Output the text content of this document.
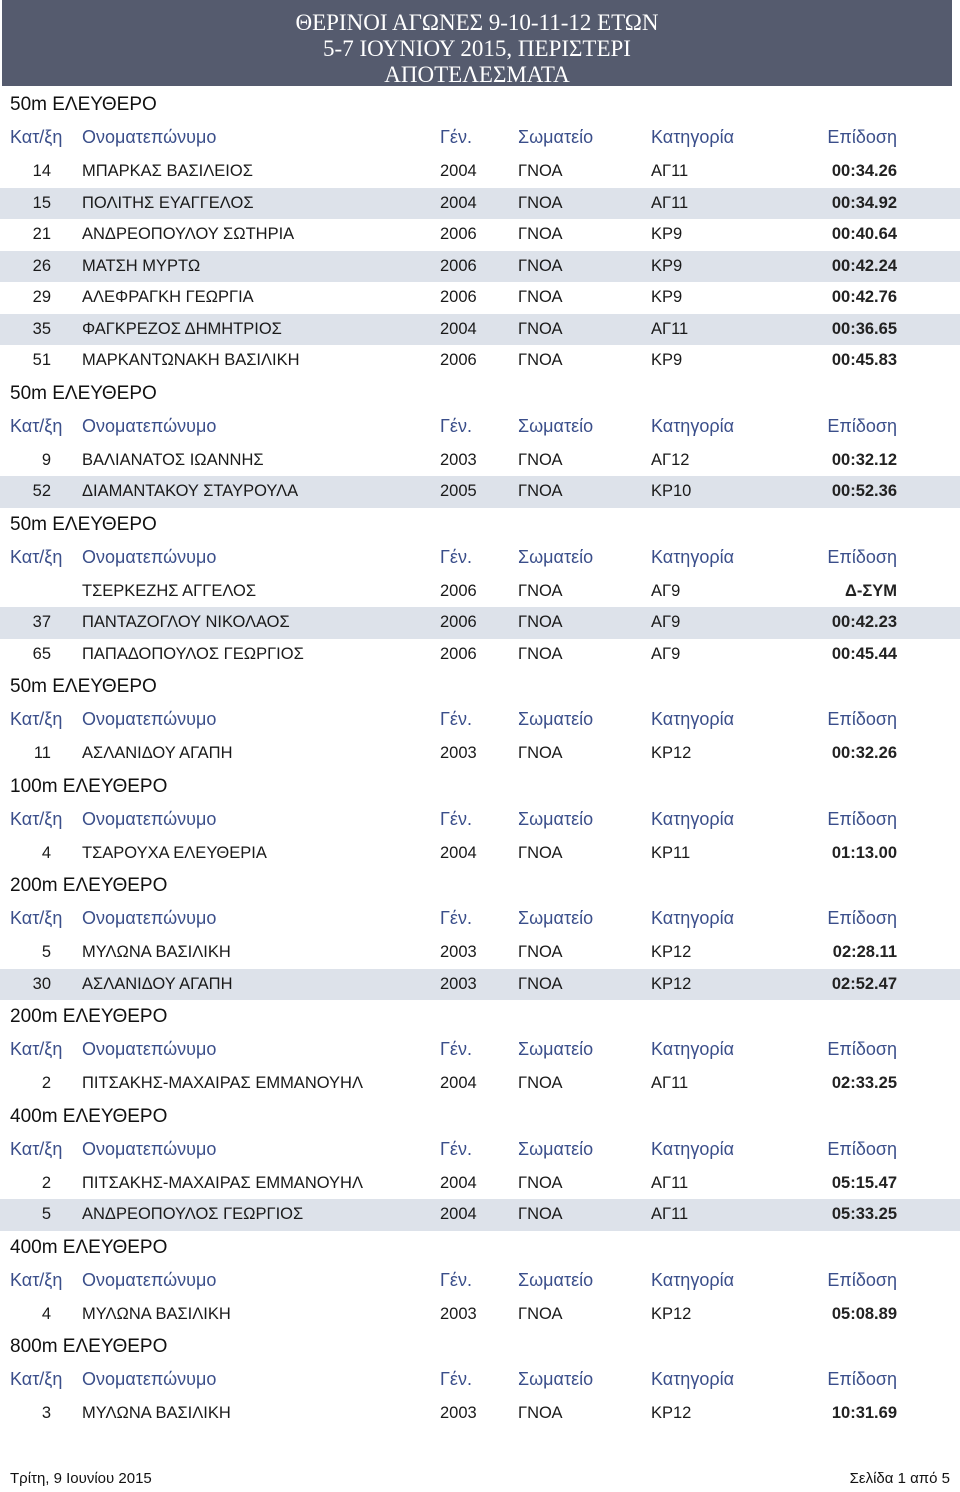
ΘΕΡΙΝΟΙ ΑΓΩΝΕΣ 9-10-11-12 ΕΤΩΝ
5-7 ΙΟΥΝΙΟΥ 2015, ΠΕΡΙΣΤΕΡΙ
ΑΠΟΤΕΛΕΣΜΑΤΑ
50m ΕΛΕΥΘΕΡΟ
Κατ/ξη	Ονοματεπώνυμο	Γέν.	Σωματείο	Κατηγορία	Επίδοση
14 ΜΠΑΡΚΑΣ ΒΑΣΙΛΕΙΟΣ	2004	ΓΝΟΑ	ΑΓ11	00:34.26
15 ΠΟΛΙΤΗΣ ΕΥΑΓΓΕΛΟΣ	2004	ΓΝΟΑ	ΑΓ11	00:34.92
21 ΑΝΔΡΕΟΠΟΥΛΟΥ ΣΩΤΗΡΙΑ	2006	ΓΝΟΑ	ΚΡ9	00:40.64
26 ΜΑΤΣΗ ΜΥΡΤΩ	2006	ΓΝΟΑ	ΚΡ9	00:42.24
29 ΑΛΕΦΡΑΓΚΗ ΓΕΩΡΓΙΑ	2006	ΓΝΟΑ	ΚΡ9	00:42.76
35 ΦΑΓΚΡΕΖΟΣ ΔΗΜΗΤΡΙΟΣ	2004	ΓΝΟΑ	ΑΓ11	00:36.65
51 ΜΑΡΚΑΝΤΩΝΑΚΗ ΒΑΣΙΛΙΚΗ	2006	ΓΝΟΑ	ΚΡ9	00:45.83
50m ΕΛΕΥΘΕΡΟ
Κατ/ξη	Ονοματεπώνυμο	Γέν.	Σωματείο	Κατηγορία	Επίδοση
9 ΒΑΛΙΑΝΑΤΟΣ ΙΩΑΝΝΗΣ	2003	ΓΝΟΑ	ΑΓ12	00:32.12
52 ΔΙΑΜΑΝΤΑΚΟΥ ΣΤΑΥΡΟΥΛΑ	2005	ΓΝΟΑ	ΚΡ10	00:52.36
50m ΕΛΕΥΘΕΡΟ
Κατ/ξη	Ονοματεπώνυμο	Γέν.	Σωματείο	Κατηγορία	Επίδοση
ΤΣΕΡΚΕΖΗΣ ΑΓΓΕΛΟΣ	2006	ΓΝΟΑ	ΑΓ9	Δ-ΣΥΜ
37 ΠΑΝΤΑΖΟΓΛΟΥ ΝΙΚΟΛΑΟΣ	2006	ΓΝΟΑ	ΑΓ9	00:42.23
65 ΠΑΠΑΔΟΠΟΥΛΟΣ ΓΕΩΡΓΙΟΣ	2006	ΓΝΟΑ	ΑΓ9	00:45.44
50m ΕΛΕΥΘΕΡΟ
Κατ/ξη	Ονοματεπώνυμο	Γέν.	Σωματείο	Κατηγορία	Επίδοση
11 ΑΣΛΑΝΙΔΟΥ ΑΓΑΠΗ	2003	ΓΝΟΑ	ΚΡ12	00:32.26
100m ΕΛΕΥΘΕΡΟ
Κατ/ξη	Ονοματεπώνυμο	Γέν.	Σωματείο	Κατηγορία	Επίδοση
4 ΤΣΑΡΟΥΧΑ ΕΛΕΥΘΕΡΙΑ	2004	ΓΝΟΑ	ΚΡ11	01:13.00
200m ΕΛΕΥΘΕΡΟ
Κατ/ξη	Ονοματεπώνυμο	Γέν.	Σωματείο	Κατηγορία	Επίδοση
5 ΜΥΛΩΝΑ ΒΑΣΙΛΙΚΗ	2003	ΓΝΟΑ	ΚΡ12	02:28.11
30 ΑΣΛΑΝΙΔΟΥ ΑΓΑΠΗ	2003	ΓΝΟΑ	ΚΡ12	02:52.47
200m ΕΛΕΥΘΕΡΟ
Κατ/ξη	Ονοματεπώνυμο	Γέν.	Σωματείο	Κατηγορία	Επίδοση
2 ΠΙΤΣΑΚΗΣ-ΜΑΧΑΙΡΑΣ ΕΜΜΑΝΟΥΗΛ	2004	ΓΝΟΑ	ΑΓ11	02:33.25
400m ΕΛΕΥΘΕΡΟ
Κατ/ξη	Ονοματεπώνυμο	Γέν.	Σωματείο	Κατηγορία	Επίδοση
2 ΠΙΤΣΑΚΗΣ-ΜΑΧΑΙΡΑΣ ΕΜΜΑΝΟΥΗΛ	2004	ΓΝΟΑ	ΑΓ11	05:15.47
5 ΑΝΔΡΕΟΠΟΥΛΟΣ ΓΕΩΡΓΙΟΣ	2004	ΓΝΟΑ	ΑΓ11	05:33.25
400m ΕΛΕΥΘΕΡΟ
Κατ/ξη	Ονοματεπώνυμο	Γέν.	Σωματείο	Κατηγορία	Επίδοση
4 ΜΥΛΩΝΑ ΒΑΣΙΛΙΚΗ	2003	ΓΝΟΑ	ΚΡ12	05:08.89
800m ΕΛΕΥΘΕΡΟ
Κατ/ξη	Ονοματεπώνυμο	Γέν.	Σωματείο	Κατηγορία	Επίδοση
3 ΜΥΛΩΝΑ ΒΑΣΙΛΙΚΗ	2003	ΓΝΟΑ	ΚΡ12	10:31.69
Τρίτη, 9 Ιουνίου 2015	Σελίδα 1 από 5
